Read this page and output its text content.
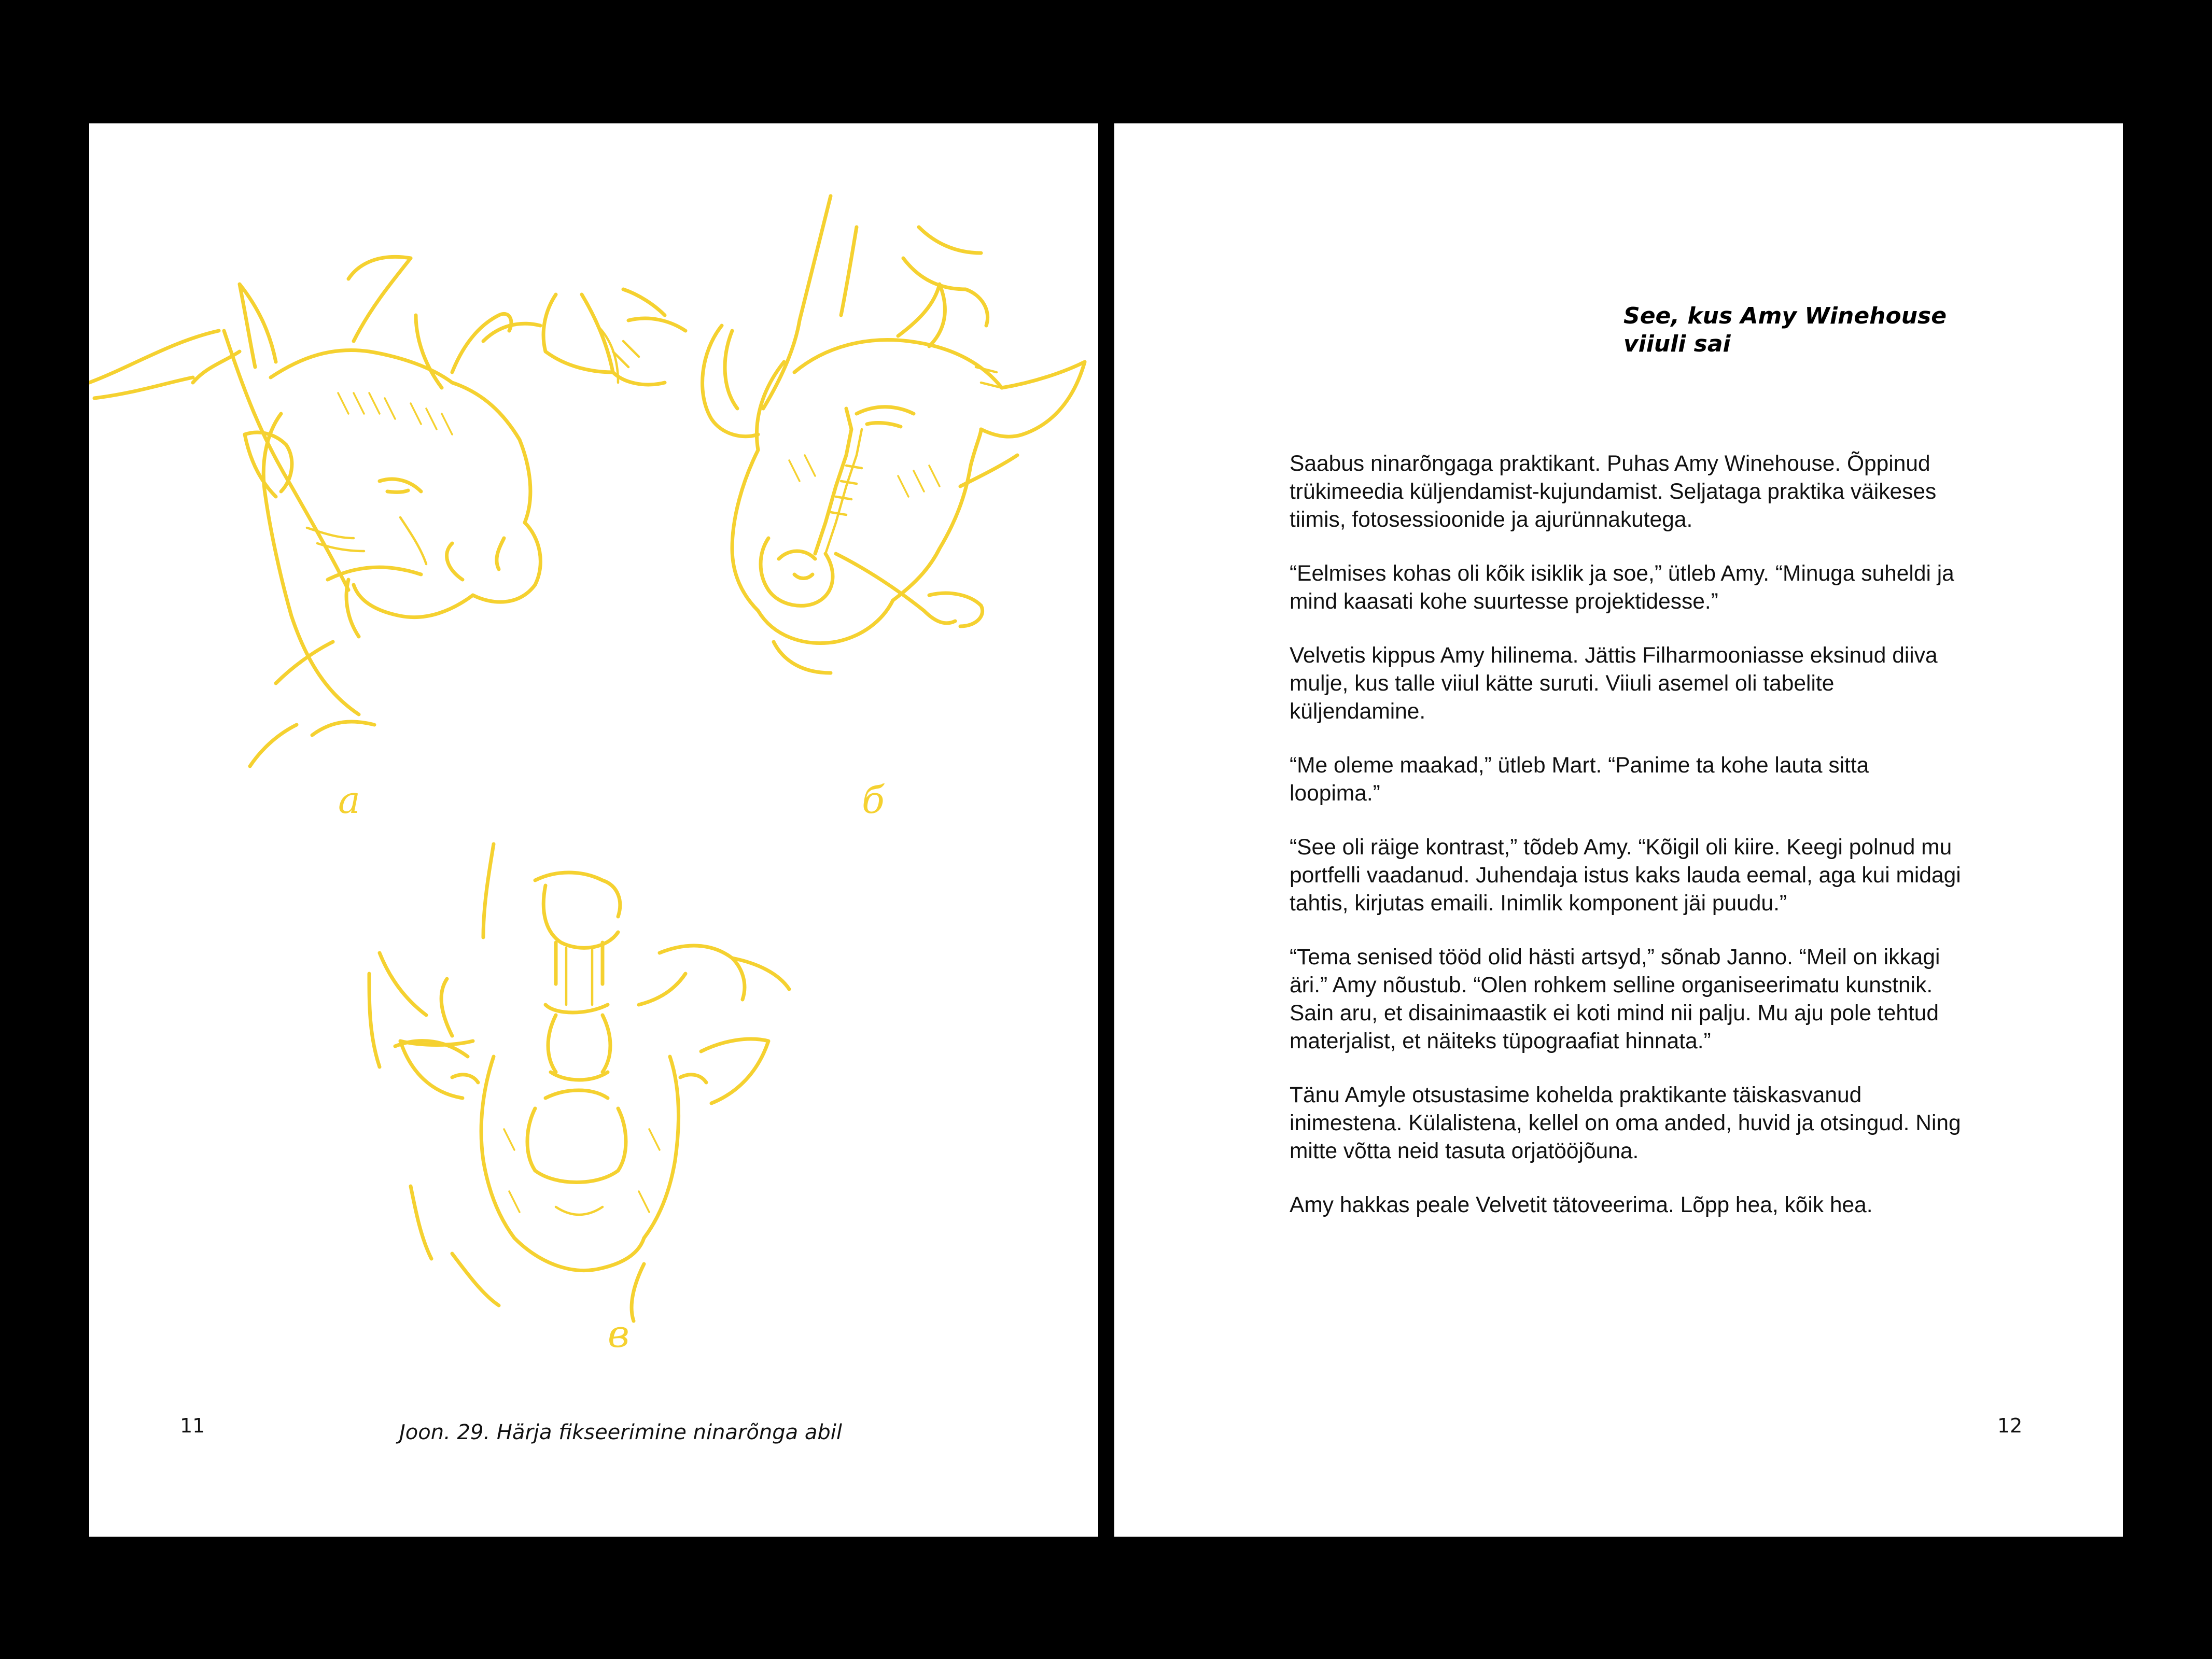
а	б
в
11	Joon. 29. Härja fikseerimine ninarõnga abil
See, kus Amy Winehouse
viiuli sai

Saabus ninarõngaga praktikant. Puhas Amy Winehouse. Õppinud trükimeedia küljendamist-kujundamist. Seljataga praktika väikeses tiimis, fotosessioonide ja ajurünnakutega.

“Eelmises kohas oli kõik isiklik ja soe,” ütleb Amy. “Minuga suheldi ja mind kaasati kohe suurtesse projektidesse.”

Velvetis kippus Amy hilinema. Jättis Filharmooniasse eksinud diiva mulje, kus talle viiul kätte suruti. Viiuli asemel oli tabelite küljendamine.

“Me oleme maakad,” ütleb Mart. “Panime ta kohe lauta sitta loopima.”

“See oli räige kontrast,” tõdeb Amy. “Kõigil oli kiire. Keegi polnud mu portfelli vaadanud. Juhendaja istus kaks lauda eemal, aga kui midagi tahtis, kirjutas emaili. Inimlik komponent jäi puudu.”

“Tema senised tööd olid hästi artsyd,” sõnab Janno. “Meil on ikkagi äri.” Amy nõustub. “Olen rohkem selline organiseerimatu kunstnik. Sain aru, et disainimaastik ei koti mind nii palju. Mu aju pole tehtud materjalist, et näiteks tüpograafiat hinnata.”

Tänu Amyle otsustasime kohelda praktikante täiskasvanud inimestena. Külalistena, kellel on oma anded, huvid ja otsingud. Ning mitte võtta neid tasuta orjatööjõuna.

Amy hakkas peale Velvetit tätoveerima. Lõpp hea, kõik hea.

12
